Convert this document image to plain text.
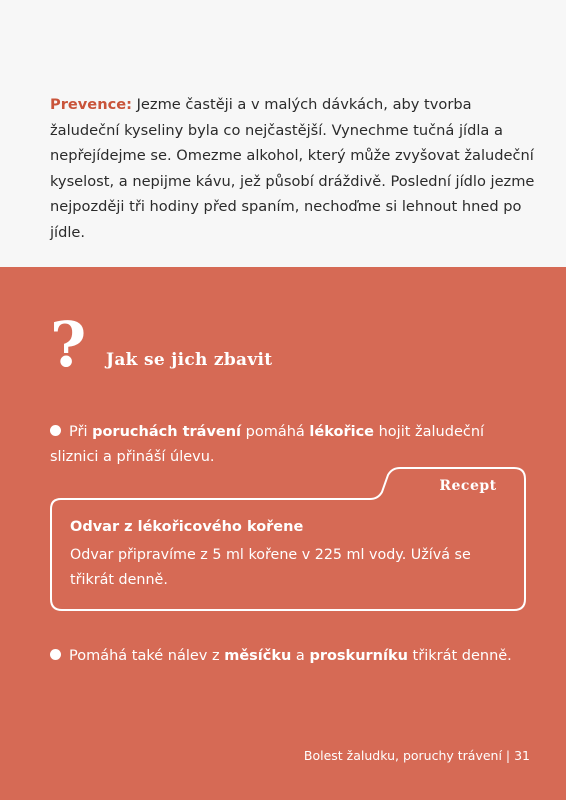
Prevence: Jezme častěji a v malých dávkách, aby tvorba žaludeční kyseliny byla co nejčastější. Vynechme tučná jídla a nepřejídejme se. Omezme alkohol, který může zvyšovat žaludeční kyselost, a nepijme kávu, jež působí dráždivě. Poslední jídlo jezme nejpozději tři hodiny před spaním, nechoďme si lehnout hned po jídle.

? Jak se jich zbavit

Při poruchách trávení pomáhá lékořice hojit žaludeční sliznici a přináší úlevu.

Recept
Odvar z lékořicového kořene

Odvar připravíme z 5 ml kořene v 225 ml vody. Užívá se třikrát denně.

Pomáhá také nálev z měsíčku a proskurníku třikrát denně.

Bolest žaludku, poruchy trávení | 31
